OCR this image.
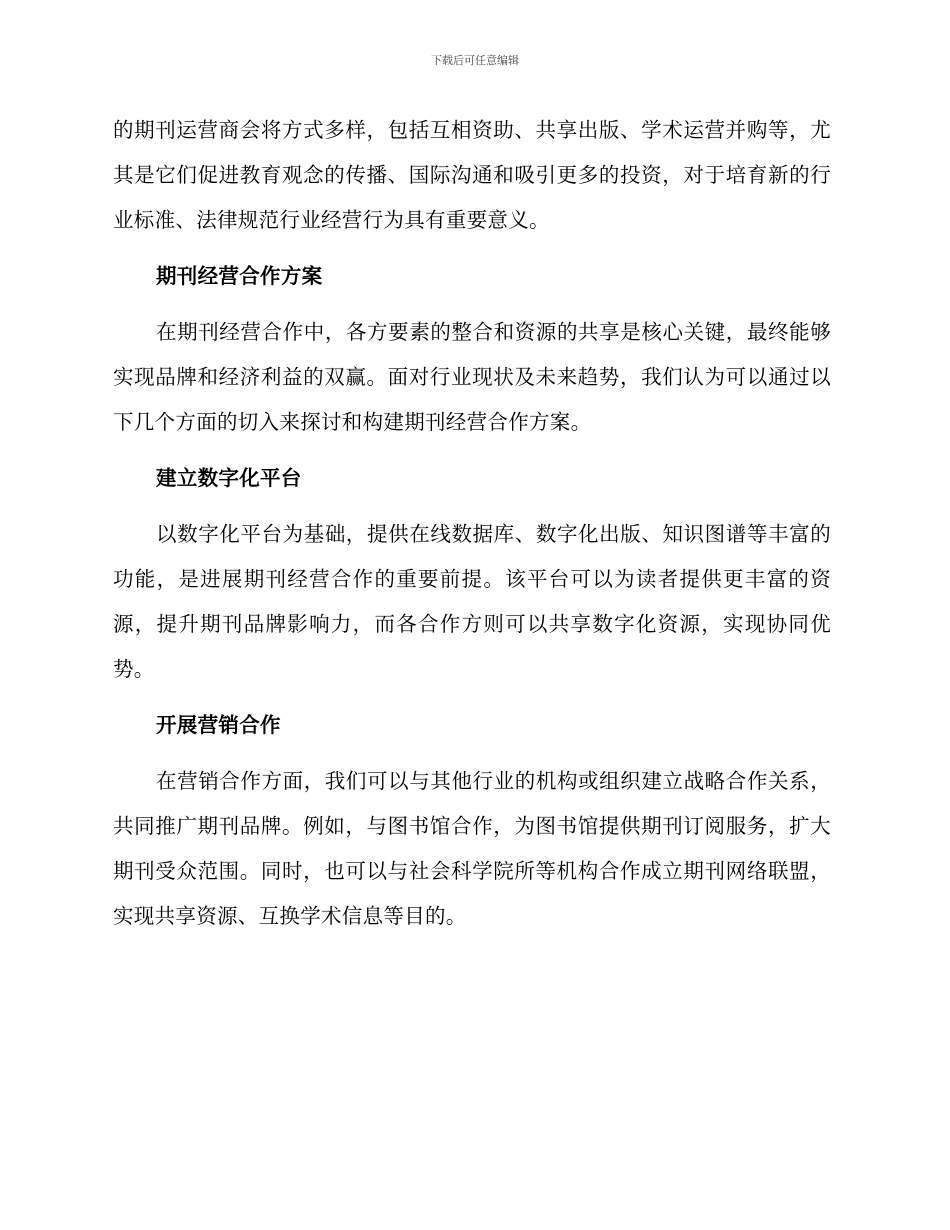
下载后可任意编辑

的期刊运营商会将方式多样，包括互相资助、共享出版、学术运营并购等，尤其是它们促进教育观念的传播、国际沟通和吸引更多的投资，对于培育新的行业标准、法律规范行业经营行为具有重要意义。

期刊经营合作方案

在期刊经营合作中，各方要素的整合和资源的共享是核心关键，最终能够实现品牌和经济利益的双赢。面对行业现状及未来趋势，我们认为可以通过以下几个方面的切入来探讨和构建期刊经营合作方案。

建立数字化平台

以数字化平台为基础，提供在线数据库、数字化出版、知识图谱等丰富的功能，是进展期刊经营合作的重要前提。该平台可以为读者提供更丰富的资源，提升期刊品牌影响力，而各合作方则可以共享数字化资源，实现协同优势。

开展营销合作

在营销合作方面，我们可以与其他行业的机构或组织建立战略合作关系，共同推广期刊品牌。例如，与图书馆合作，为图书馆提供期刊订阅服务，扩大期刊受众范围。同时，也可以与社会科学院所等机构合作成立期刊网络联盟，实现共享资源、互换学术信息等目的。
